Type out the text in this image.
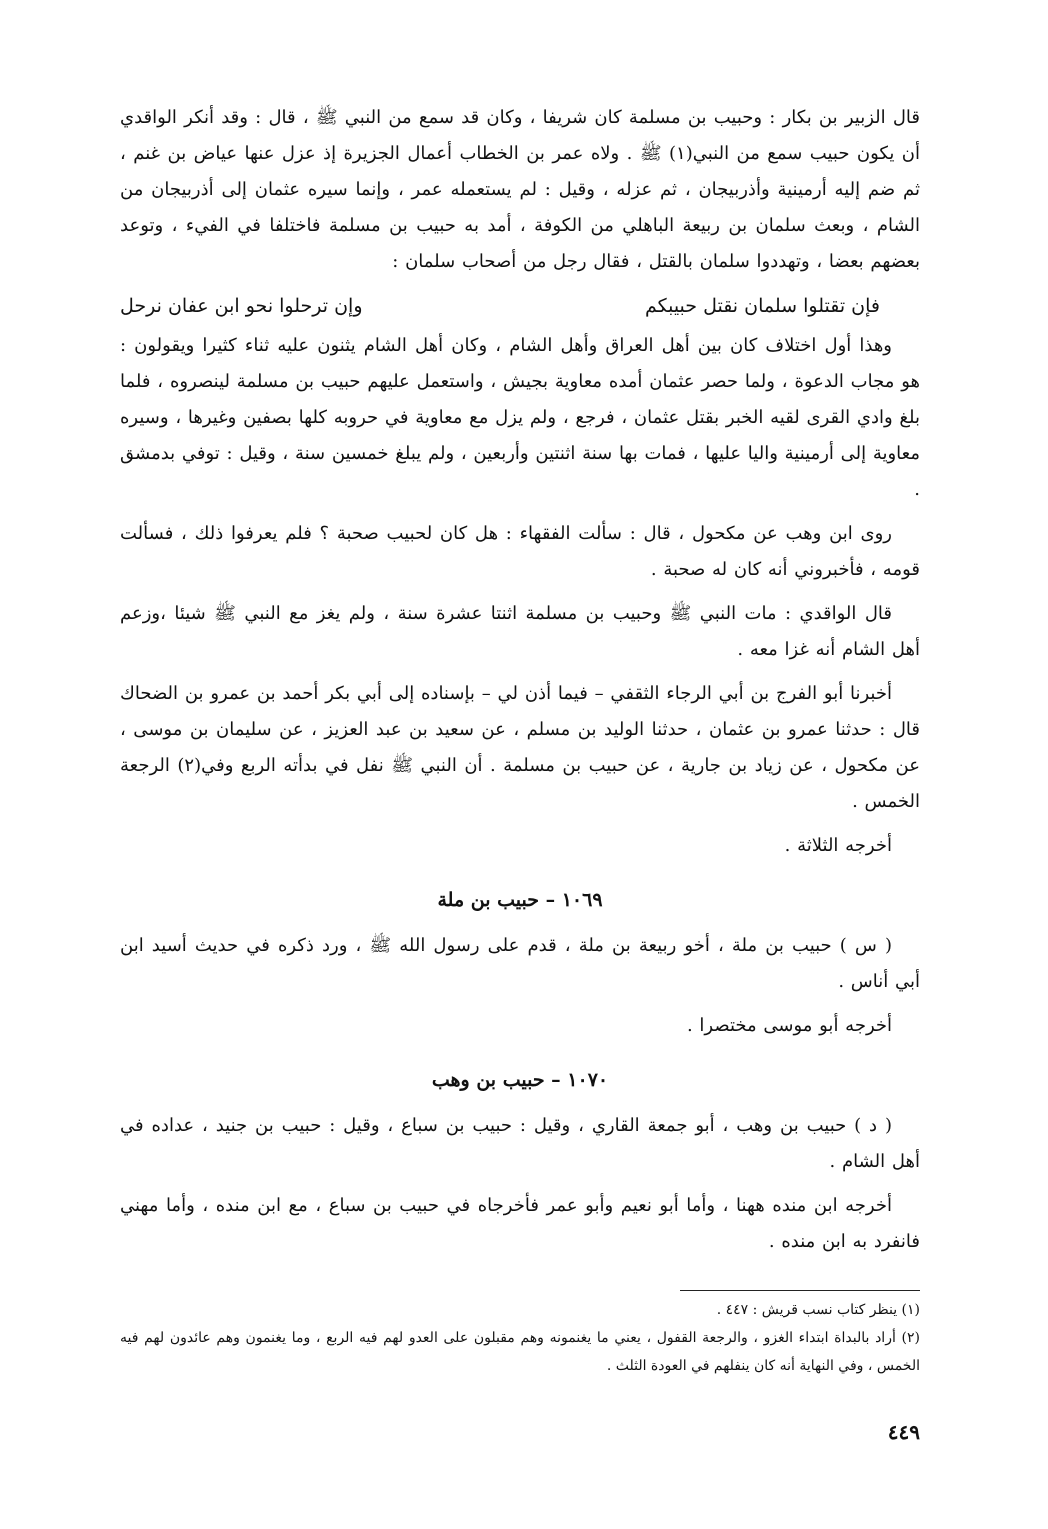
قال الزبير بن بكار : وحبيب بن مسلمة كان شريفا ، وكان قد سمع من النبي ﷺ ، قال : وقد أنكر الواقدي أن يكون حبيب سمع من النبي(١) ﷺ . ولاه عمر بن الخطاب أعمال الجزيرة إذ عزل عنها عياض بن غنم ، ثم ضم إليه أرمينية وأذربيجان ، ثم عزله ، وقيل : لم يستعمله عمر ، وإنما سيره عثمان إلى أذربيجان من الشام ، وبعث سلمان بن ربيعة الباهلي من الكوفة ، أمد به حبيب بن مسلمة فاختلفا في الفيء ، وتوعد بعضهم بعضا ، وتهددوا سلمان بالقتل ، فقال رجل من أصحاب سلمان :

فإن تقتلوا سلمان نقتل حبيبكم
وإن ترحلوا نحو ابن عفان نرحل

وهذا أول اختلاف كان بين أهل العراق وأهل الشام ، وكان أهل الشام يثنون عليه ثناء كثيرا ويقولون : هو مجاب الدعوة ، ولما حصر عثمان أمده معاوية بجيش ، واستعمل عليهم حبيب بن مسلمة لينصروه ، فلما بلغ وادي القرى لقيه الخبر بقتل عثمان ، فرجع ، ولم يزل مع معاوية في حروبه كلها بصفين وغيرها ، وسيره معاوية إلى أرمينية واليا عليها ، فمات بها سنة اثنتين وأربعين ، ولم يبلغ خمسين سنة ، وقيل : توفي بدمشق .

روى ابن وهب عن مكحول ، قال : سألت الفقهاء : هل كان لحبيب صحبة ؟ فلم يعرفوا ذلك ، فسألت قومه ، فأخبروني أنه كان له صحبة .

قال الواقدي : مات النبي ﷺ وحبيب بن مسلمة اثنتا عشرة سنة ، ولم يغز مع النبي ﷺ شيئا ،وزعم أهل الشام أنه غزا معه .

أخبرنا أبو الفرج بن أبي الرجاء الثقفي – فيما أذن لي – بإسناده إلى أبي بكر أحمد بن عمرو بن الضحاك قال : حدثنا عمرو بن عثمان ، حدثنا الوليد بن مسلم ، عن سعيد بن عبد العزيز ، عن سليمان بن موسى ، عن مكحول ، عن زياد بن جارية ، عن حبيب بن مسلمة . أن النبي ﷺ نفل في بدأته الربع وفي(٢) الرجعة الخمس .

أخرجه الثلاثة .

١٠٦٩ – حبيب بن ملة

( س ) حبيب بن ملة ، أخو ربيعة بن ملة ، قدم على رسول الله ﷺ ، ورد ذكره في حديث أسيد ابن أبي أناس .

أخرجه أبو موسى مختصرا .

١٠٧٠ – حبيب بن وهب

( د ) حبيب بن وهب ، أبو جمعة القاري ، وقيل : حبيب بن سباع ، وقيل : حبيب بن جنيد ، عداده في أهل الشام .

أخرجه ابن منده ههنا ، وأما أبو نعيم وأبو عمر فأخرجاه في حبيب بن سباع ، مع ابن منده ، وأما مهني فانفرد به ابن منده .

(١) ينظر كتاب نسب قريش : ٤٤٧ .

(٢) أراد بالبداة ابتداء الغزو ، والرجعة القفول ، يعني ما يغنمونه وهم مقبلون على العدو لهم فيه الربع ، وما يغنمون وهم عائدون لهم فيه الخمس ، وفي النهاية أنه كان ينفلهم في العودة الثلث .

٤٤٩
